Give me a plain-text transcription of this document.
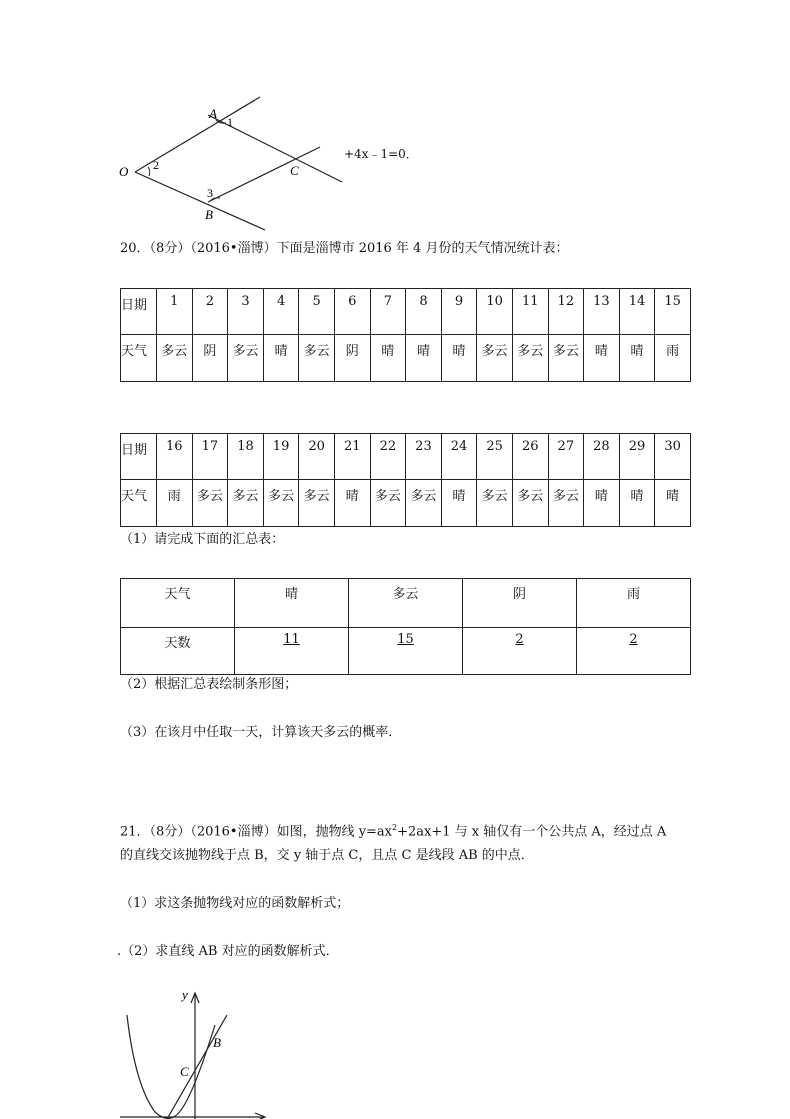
A
1
O 2	C
3
B
+4x﹣1=0．
20．（8分）（2016•淄博）下面是淄博市 2016 年 4 月份的天气情况统计表：
日期	1	2	3	4	5	6	7	8	9	10	11	12	13	14	15

天气	多云	阴	多云	晴	多云	阴	晴	晴	晴	多云	多云	多云	晴	晴	雨
日期	16	17	18	19	20	21	22	23	24	25	26	27	28	29	30

天气	雨	多云	多云	多云	多云	晴	多云	多云	晴	多云	多云	多云	晴	晴	晴
（1）请完成下面的汇总表：
天气	晴	多云	阴	雨

天数	11	15	2	2
（2）根据汇总表绘制条形图；
（3）在该月中任取一天，计算该天多云的概率．
21．（8分）（2016•淄博）如图，抛物线 $y=ax^2+2ax+1$ 与 x 轴仅有一个公共点 A，经过点 A
的直线交该抛物线于点 B，交 y 轴于点 C，且点 C 是线段 AB 的中点．
（1）求这条抛物线对应的函数解析式；
.（2）求直线 AB 对应的函数解析式．
y
B
C
